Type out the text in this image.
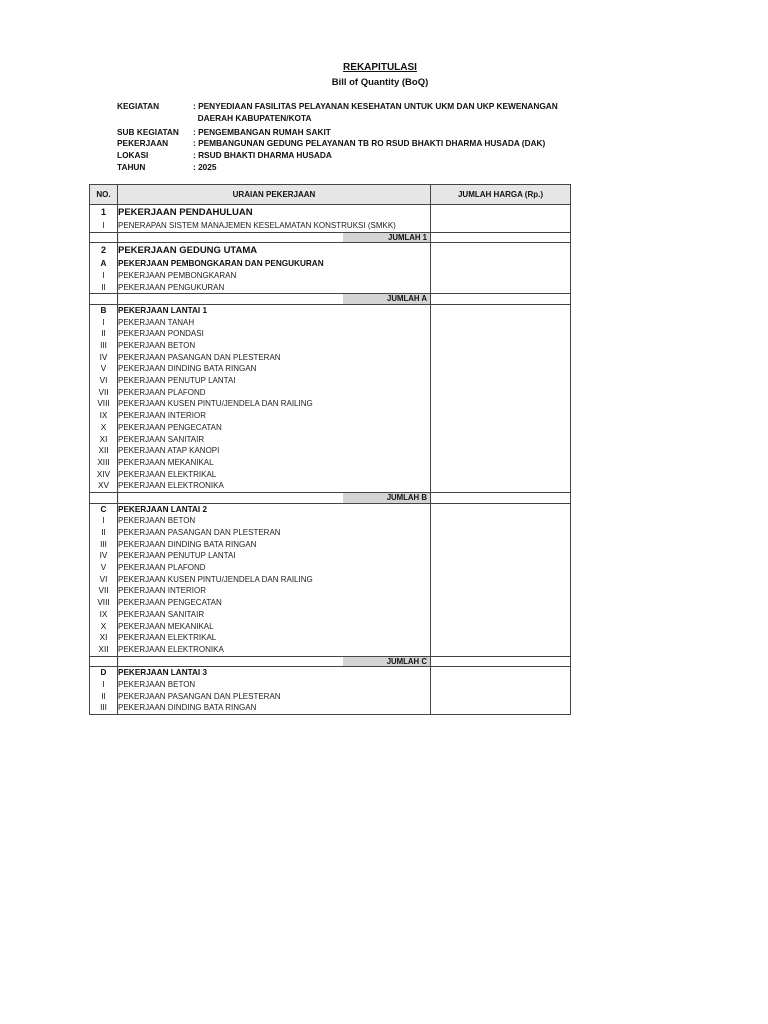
REKAPITULASI
Bill of Quantity (BoQ)
KEGIATAN	: PENYEDIAAN FASILITAS PELAYANAN KESEHATAN UNTUK UKM DAN UKP KEWENANGAN
DAERAH KABUPATEN/KOTA
SUB KEGIATAN	: PENGEMBANGAN RUMAH SAKIT
PEKERJAAN	: PEMBANGUNAN GEDUNG PELAYANAN TB RO RSUD BHAKTI DHARMA HUSADA (DAK)
LOKASI	: RSUD BHAKTI DHARMA HUSADA
TAHUN	: 2025
NO.	URAIAN PEKERJAAN	JUMLAH HARGA (Rp.)
1	PEKERJAAN PENDAHULUAN	
I	PENERAPAN SISTEM MANAJEMEN KESELAMATAN KONSTRUKSI (SMKK)	
	JUMLAH 1	
2	PEKERJAAN GEDUNG UTAMA	
A	PEKERJAAN PEMBONGKARAN DAN PENGUKURAN	
I	PEKERJAAN PEMBONGKARAN	
II	PEKERJAAN PENGUKURAN	
	JUMLAH A	
B	PEKERJAAN LANTAI 1	
I	PEKERJAAN TANAH	
II	PEKERJAAN PONDASI	
III	PEKERJAAN BETON	
IV	PEKERJAAN PASANGAN DAN PLESTERAN	
V	PEKERJAAN DINDING BATA RINGAN	
VI	PEKERJAAN PENUTUP LANTAI	
VII	PEKERJAAN PLAFOND	
VIII	PEKERJAAN KUSEN PINTU/JENDELA DAN RAILING	
IX	PEKERJAAN INTERIOR	
X	PEKERJAAN PENGECATAN	
XI	PEKERJAAN SANITAIR	
XII	PEKERJAAN ATAP KANOPI	
XIII	PEKERJAAN MEKANIKAL	
XIV	PEKERJAAN ELEKTRIKAL	
XV	PEKERJAAN ELEKTRONIKA	
	JUMLAH B	
C	PEKERJAAN LANTAI 2	
I	PEKERJAAN BETON	
II	PEKERJAAN PASANGAN DAN PLESTERAN	
III	PEKERJAAN DINDING BATA RINGAN	
IV	PEKERJAAN PENUTUP LANTAI	
V	PEKERJAAN PLAFOND	
VI	PEKERJAAN KUSEN PINTU/JENDELA DAN RAILING	
VII	PEKERJAAN INTERIOR	
VIII	PEKERJAAN PENGECATAN	
IX	PEKERJAAN SANITAIR	
X	PEKERJAAN MEKANIKAL	
XI	PEKERJAAN ELEKTRIKAL	
XII	PEKERJAAN ELEKTRONIKA	
	JUMLAH C	
D	PEKERJAAN LANTAI 3	
I	PEKERJAAN BETON	
II	PEKERJAAN PASANGAN DAN PLESTERAN	
III	PEKERJAAN DINDING BATA RINGAN	
